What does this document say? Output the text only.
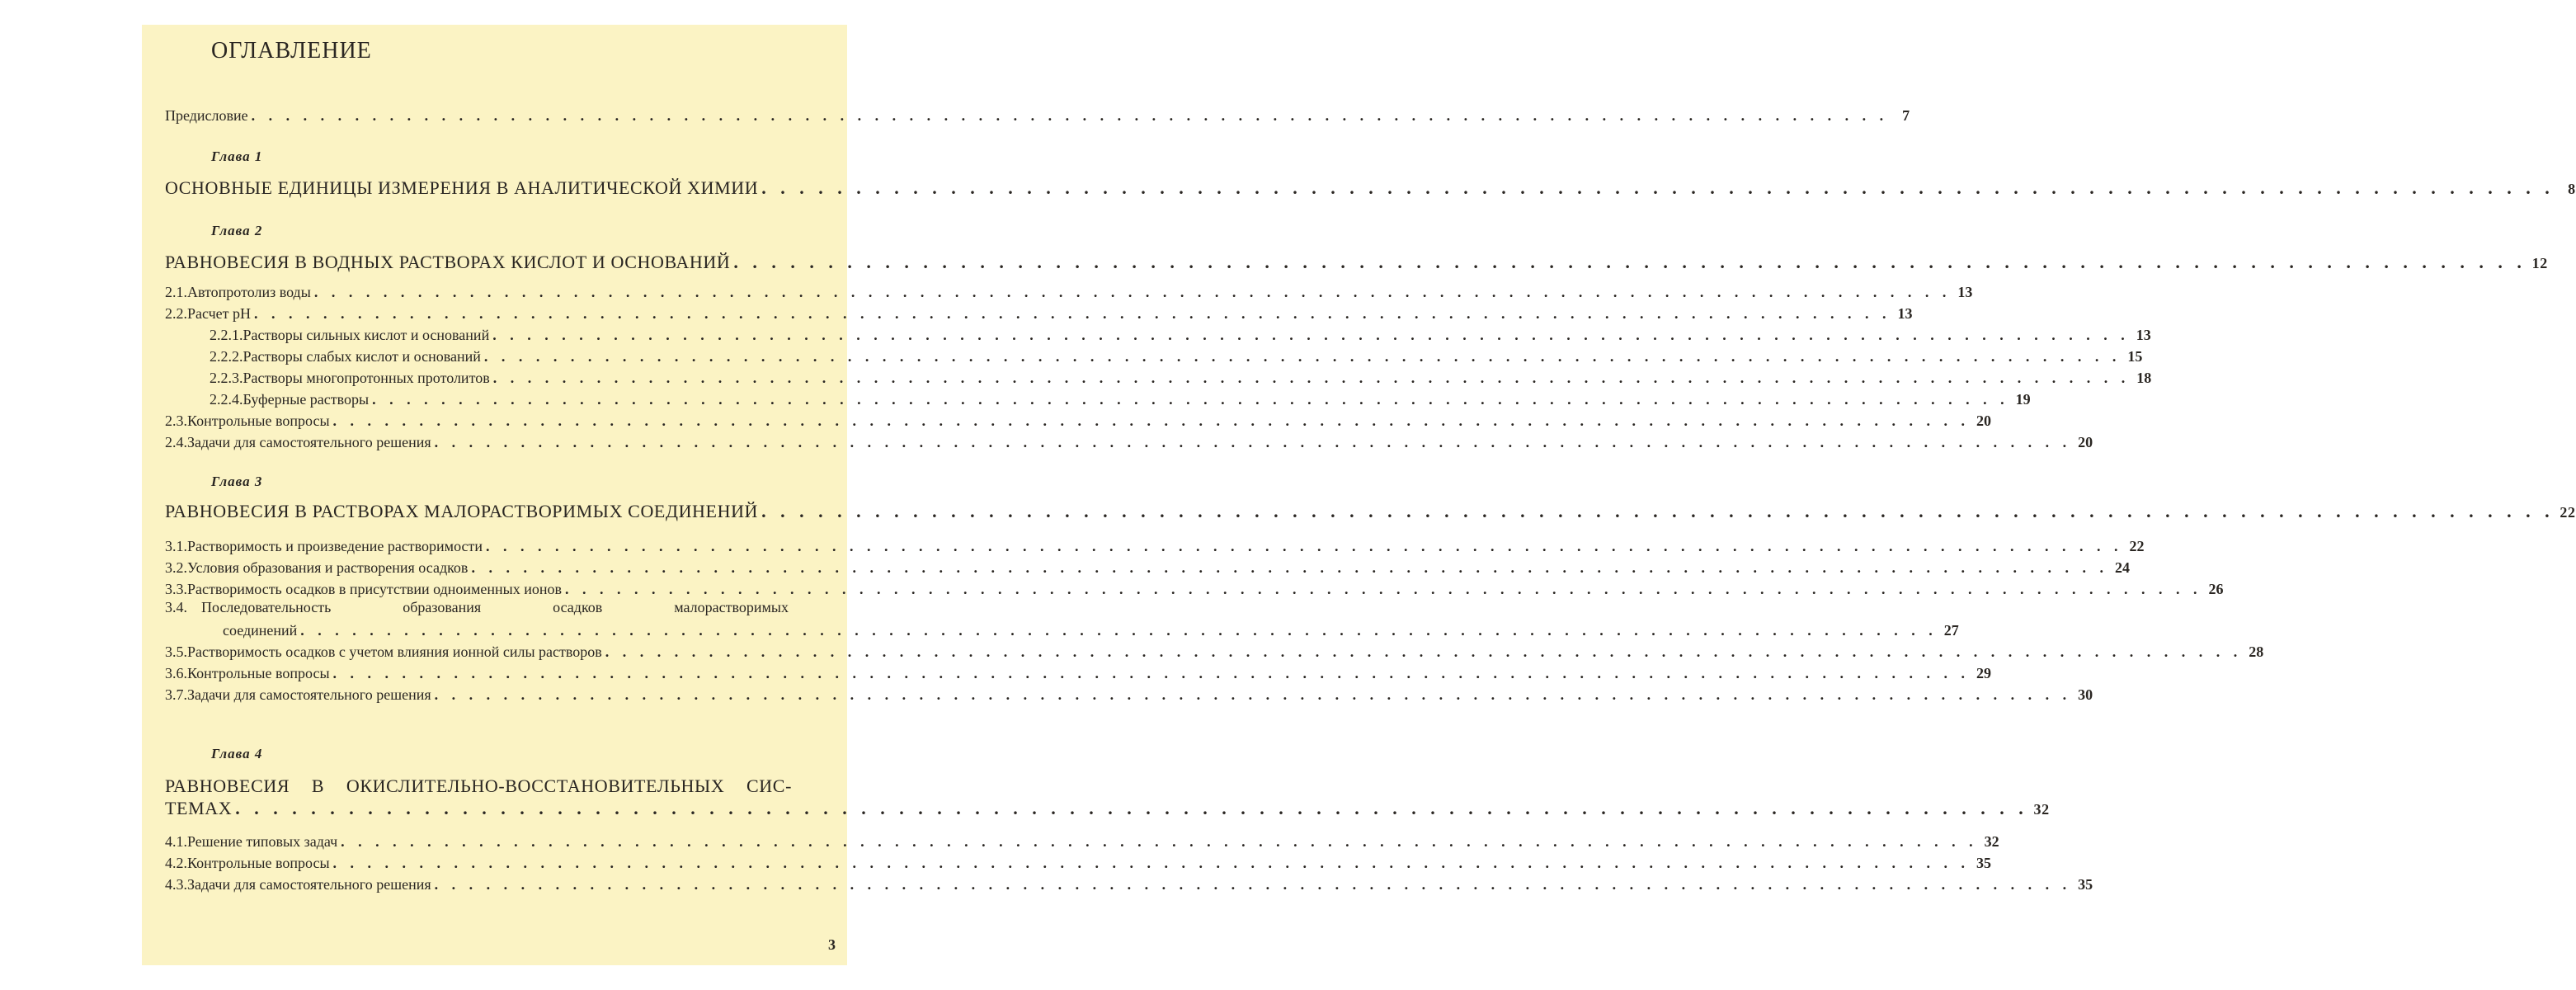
ОГЛАВЛЕНИЕ
Предисловие . . . . . . . . . . . . . . . . . . . . . . . . . . . . . . . . . . . . . . . . . . . . . . . . . . . . . . . . . . . . . . . . . . . . . . . . . . . . . . . . . . . . . . . . . . . . . . . 7
Глава 1
ОСНОВНЫЕ ЕДИНИЦЫ ИЗМЕРЕНИЯ В АНАЛИТИЧЕСКОЙ ХИМИИ . . . . . . . . . . . . . . . . . . . . . . . . . . . . . . . . . . . . . . . . . . . . . . . . . . . . . . . . . . . . . . . . . . . . . . . . . . . . . . . . . . . . . . . . . . . . . . . 8
Глава 2
РАВНОВЕСИЯ В ВОДНЫХ РАСТВОРАХ КИСЛОТ И ОСНОВАНИЙ . . . . . . . . . . . . . . . . . . . . . . . . . . . . . . . . . . . . . . . . . . . . . . . . . . . . . . . . . . . . . . . . . . . . . . . . . . . . . . . . . . . . . . . . . . . . . . . 12
2.1. Автопротолиз воды . . . . . . . . . . . . . . . . . . . . . . . . . . . . . . . . . . . . . . . . . . . . . . . . . . . . . . . . . . . . . . . . . . . . . . . . . . . . . . . . . . . . . . . . . . . . . . . 13
2.2. Расчет pH . . . . . . . . . . . . . . . . . . . . . . . . . . . . . . . . . . . . . . . . . . . . . . . . . . . . . . . . . . . . . . . . . . . . . . . . . . . . . . . . . . . . . . . . . . . . . . . 13
2.2.1. Растворы сильных кислот и оснований . . . . . . . . . . . . . . . . . . . . . . . . . . . . . . . . . . . . . . . . . . . . . . . . . . . . . . . . . . . . . . . . . . . . . . . . . . . . . . . . . . . . . . . . . . . . . . . 13
2.2.2. Растворы слабых кислот и оснований . . . . . . . . . . . . . . . . . . . . . . . . . . . . . . . . . . . . . . . . . . . . . . . . . . . . . . . . . . . . . . . . . . . . . . . . . . . . . . . . . . . . . . . . . . . . . . . 15
2.2.3. Растворы многопротонных протолитов . . . . . . . . . . . . . . . . . . . . . . . . . . . . . . . . . . . . . . . . . . . . . . . . . . . . . . . . . . . . . . . . . . . . . . . . . . . . . . . . . . . . . . . . . . . . . . . 18
2.2.4. Буферные растворы . . . . . . . . . . . . . . . . . . . . . . . . . . . . . . . . . . . . . . . . . . . . . . . . . . . . . . . . . . . . . . . . . . . . . . . . . . . . . . . . . . . . . . . . . . . . . . . 19
2.3. Контрольные вопросы . . . . . . . . . . . . . . . . . . . . . . . . . . . . . . . . . . . . . . . . . . . . . . . . . . . . . . . . . . . . . . . . . . . . . . . . . . . . . . . . . . . . . . . . . . . . . . . 20
2.4. Задачи для самостоятельного решения . . . . . . . . . . . . . . . . . . . . . . . . . . . . . . . . . . . . . . . . . . . . . . . . . . . . . . . . . . . . . . . . . . . . . . . . . . . . . . . . . . . . . . . . . . . . . . . 20
Глава 3
РАВНОВЕСИЯ В РАСТВОРАХ МАЛОРАСТВОРИМЫХ СОЕДИНЕНИЙ . . . . . . . . . . . . . . . . . . . . . . . . . . . . . . . . . . . . . . . . . . . . . . . . . . . . . . . . . . . . . . . . . . . . . . . . . . . . . . . . . . . . . . . . . . . . . . . 22
3.1. Растворимость и произведение растворимости . . . . . . . . . . . . . . . . . . . . . . . . . . . . . . . . . . . . . . . . . . . . . . . . . . . . . . . . . . . . . . . . . . . . . . . . . . . . . . . . . . . . . . . . . . . . . . . 22
3.2. Условия образования и растворения осадков . . . . . . . . . . . . . . . . . . . . . . . . . . . . . . . . . . . . . . . . . . . . . . . . . . . . . . . . . . . . . . . . . . . . . . . . . . . . . . . . . . . . . . . . . . . . . . . 24
3.3. Растворимость осадков в присутствии одноименных ионов . . . . . . . . . . . . . . . . . . . . . . . . . . . . . . . . . . . . . . . . . . . . . . . . . . . . . . . . . . . . . . . . . . . . . . . . . . . . . . . . . . . . . . . . . . . . . . . 26
3.4. Последовательность	образования	осадков	малорастворимых
соединений . . . . . . . . . . . . . . . . . . . . . . . . . . . . . . . . . . . . . . . . . . . . . . . . . . . . . . . . . . . . . . . . . . . . . . . . . . . . . . . . . . . . . . . . . . . . . . . 27
3.5. Растворимость осадков с учетом влияния ионной силы растворов . . . . . . . . . . . . . . . . . . . . . . . . . . . . . . . . . . . . . . . . . . . . . . . . . . . . . . . . . . . . . . . . . . . . . . . . . . . . . . . . . . . . . . . . . . . . . . . 28
3.6. Контрольные вопросы . . . . . . . . . . . . . . . . . . . . . . . . . . . . . . . . . . . . . . . . . . . . . . . . . . . . . . . . . . . . . . . . . . . . . . . . . . . . . . . . . . . . . . . . . . . . . . . 29
3.7. Задачи для самостоятельного решения . . . . . . . . . . . . . . . . . . . . . . . . . . . . . . . . . . . . . . . . . . . . . . . . . . . . . . . . . . . . . . . . . . . . . . . . . . . . . . . . . . . . . . . . . . . . . . . 30
Глава 4
РАВНОВЕСИЯ В ОКИСЛИТЕЛЬНО-ВОССТАНОВИТЕЛЬНЫХ СИС-
ТЕМАХ . . . . . . . . . . . . . . . . . . . . . . . . . . . . . . . . . . . . . . . . . . . . . . . . . . . . . . . . . . . . . . . . . . . . . . . . . . . . . . . . . . . . . . . . . . . . . . . 32
4.1. Решение типовых задач . . . . . . . . . . . . . . . . . . . . . . . . . . . . . . . . . . . . . . . . . . . . . . . . . . . . . . . . . . . . . . . . . . . . . . . . . . . . . . . . . . . . . . . . . . . . . . . 32
4.2. Контрольные вопросы . . . . . . . . . . . . . . . . . . . . . . . . . . . . . . . . . . . . . . . . . . . . . . . . . . . . . . . . . . . . . . . . . . . . . . . . . . . . . . . . . . . . . . . . . . . . . . . 35
4.3. Задачи для самостоятельного решения . . . . . . . . . . . . . . . . . . . . . . . . . . . . . . . . . . . . . . . . . . . . . . . . . . . . . . . . . . . . . . . . . . . . . . . . . . . . . . . . . . . . . . . . . . . . . . . 35
3
